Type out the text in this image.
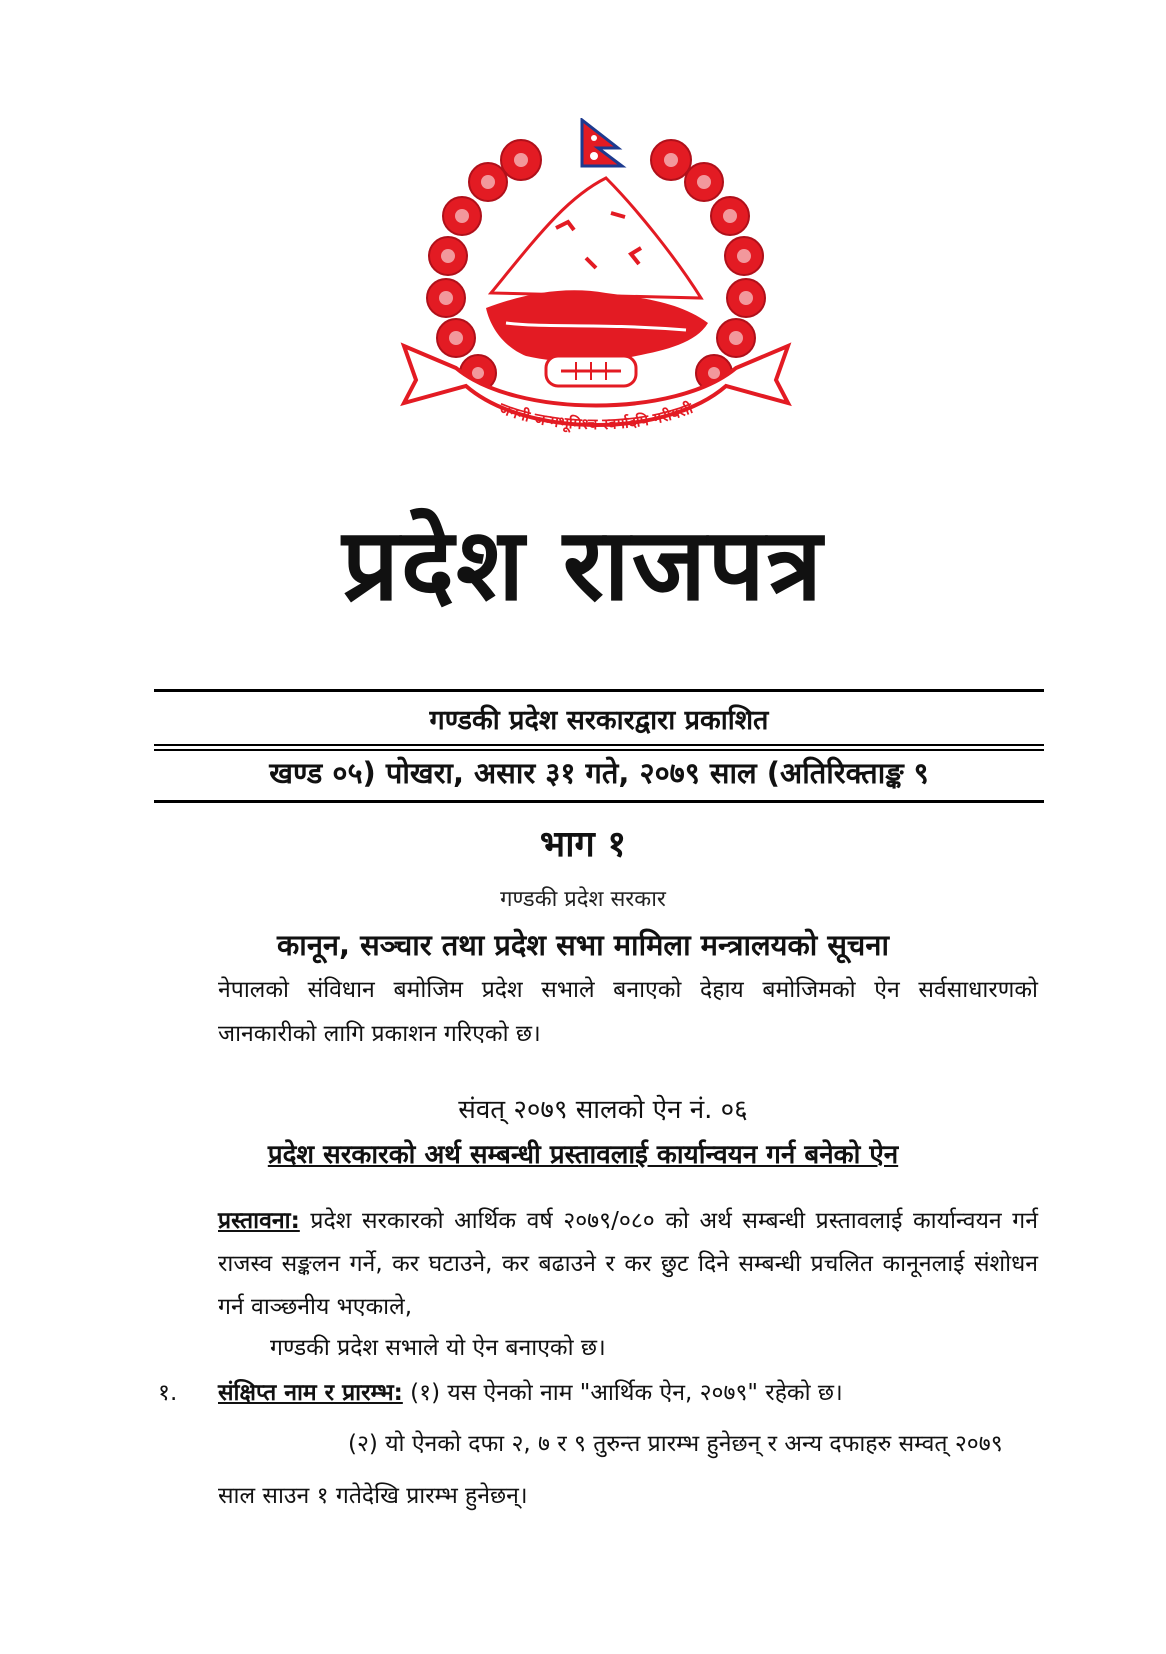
जननी जन्मभूमिश्च स्वर्गादपि गरीयसी
प्रदेश राजपत्र
गण्डकी प्रदेश सरकारद्वारा प्रकाशित
खण्ड ०५) पोखरा, असार ३१ गते, २०७९ साल (अतिरिक्ताङ्क ९
भाग १
गण्डकी प्रदेश सरकार
कानून, सञ्चार तथा प्रदेश सभा मामिला मन्त्रालयको सूचना
नेपालको संविधान बमोजिम प्रदेश सभाले बनाएको देहाय बमोजिमको ऐन सर्वसाधारणको जानकारीको लागि प्रकाशन गरिएको छ।
संवत् २०७९ सालको ऐन नं. ०६
प्रदेश सरकारको अर्थ सम्बन्धी प्रस्तावलाई कार्यान्वयन गर्न बनेको ऐन
प्रस्तावना: प्रदेश सरकारको आर्थिक वर्ष २०७९/०८० को अर्थ सम्बन्धी प्रस्तावलाई कार्यान्वयन गर्न राजस्व सङ्कलन गर्ने, कर घटाउने, कर बढाउने र कर छुट दिने सम्बन्धी प्रचलित कानूनलाई संशोधन गर्न वाञ्छनीय भएकाले,
गण्डकी प्रदेश सभाले यो ऐन बनाएको छ।
१. संक्षिप्त नाम र प्रारम्भ: (१) यस ऐनको नाम "आर्थिक ऐन, २०७९" रहेको छ।
(२) यो ऐनको दफा २, ७ र ९ तुरुन्त प्रारम्भ हुनेछन् र अन्य दफाहरु सम्वत् २०७९ साल साउन १ गतेदेखि प्रारम्भ हुनेछन्।
